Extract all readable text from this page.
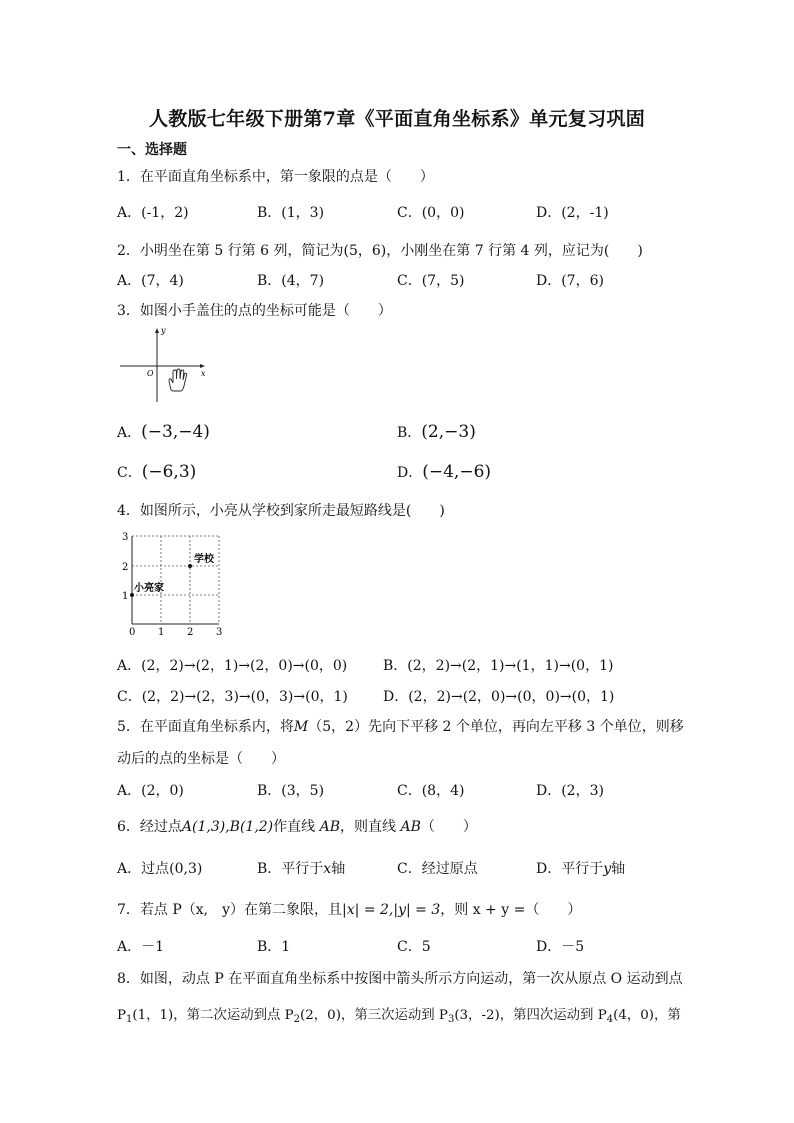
人教版七年级下册第7章《平面直角坐标系》单元复习巩固
一、选择题
1．在平面直角坐标系中，第一象限的点是（　　）
A．(-1，2)	B．(1，3)	C．(0，0)	D．(2，-1)
2．小明坐在第 5 行第 6 列，简记为(5，6)，小刚坐在第 7 行第 4 列，应记为(　　)
A．(7，4)	B．(4，7)	C．(7，5)	D．(7，6)
3．如图小手盖住的点的坐标可能是（　　）
y
x
O
A．(−3,−4)	B．(2,−3)
C．(−6,3)	D．(−4,−6)
4．如图所示，小亮从学校到家所走最短路线是(　　)
0 1 2 3
1
2
3
学校
小亮家
A．(2，2)→(2，1)→(2，0)→(0，0)	B．(2，2)→(2，1)→(1，1)→(0，1)
C．(2，2)→(2，3)→(0，3)→(0，1)	D．(2，2)→(2，0)→(0，0)→(0，1)
5．在平面直角坐标系内，将M（5，2）先向下平移 2 个单位，再向左平移 3 个单位，则移
动后的点的坐标是（　　）
A．(2，0)	B．(3，5)	C．(8，4)	D．(2，3)
6．经过点A(1,3),B(1,2)作直线 AB，则直线 AB（　　）
A．过点(0,3)	B．平行于x轴	C．经过原点	D．平行于y轴
7．若点 P（x,　y）在第二象限，且|x| = 2,|y| = 3，则 x + y =（　　）
A．－1	B．1	C．5	D．－5
8．如图，动点 P 在平面直角坐标系中按图中箭头所示方向运动，第一次从原点 O 运动到点
$P_1(1$，1)，第二次运动到点 $P_2(2$，0)，第三次运动到 $P_3(3$，-2)，第四次运动到 $P_4(4$，0)，第
